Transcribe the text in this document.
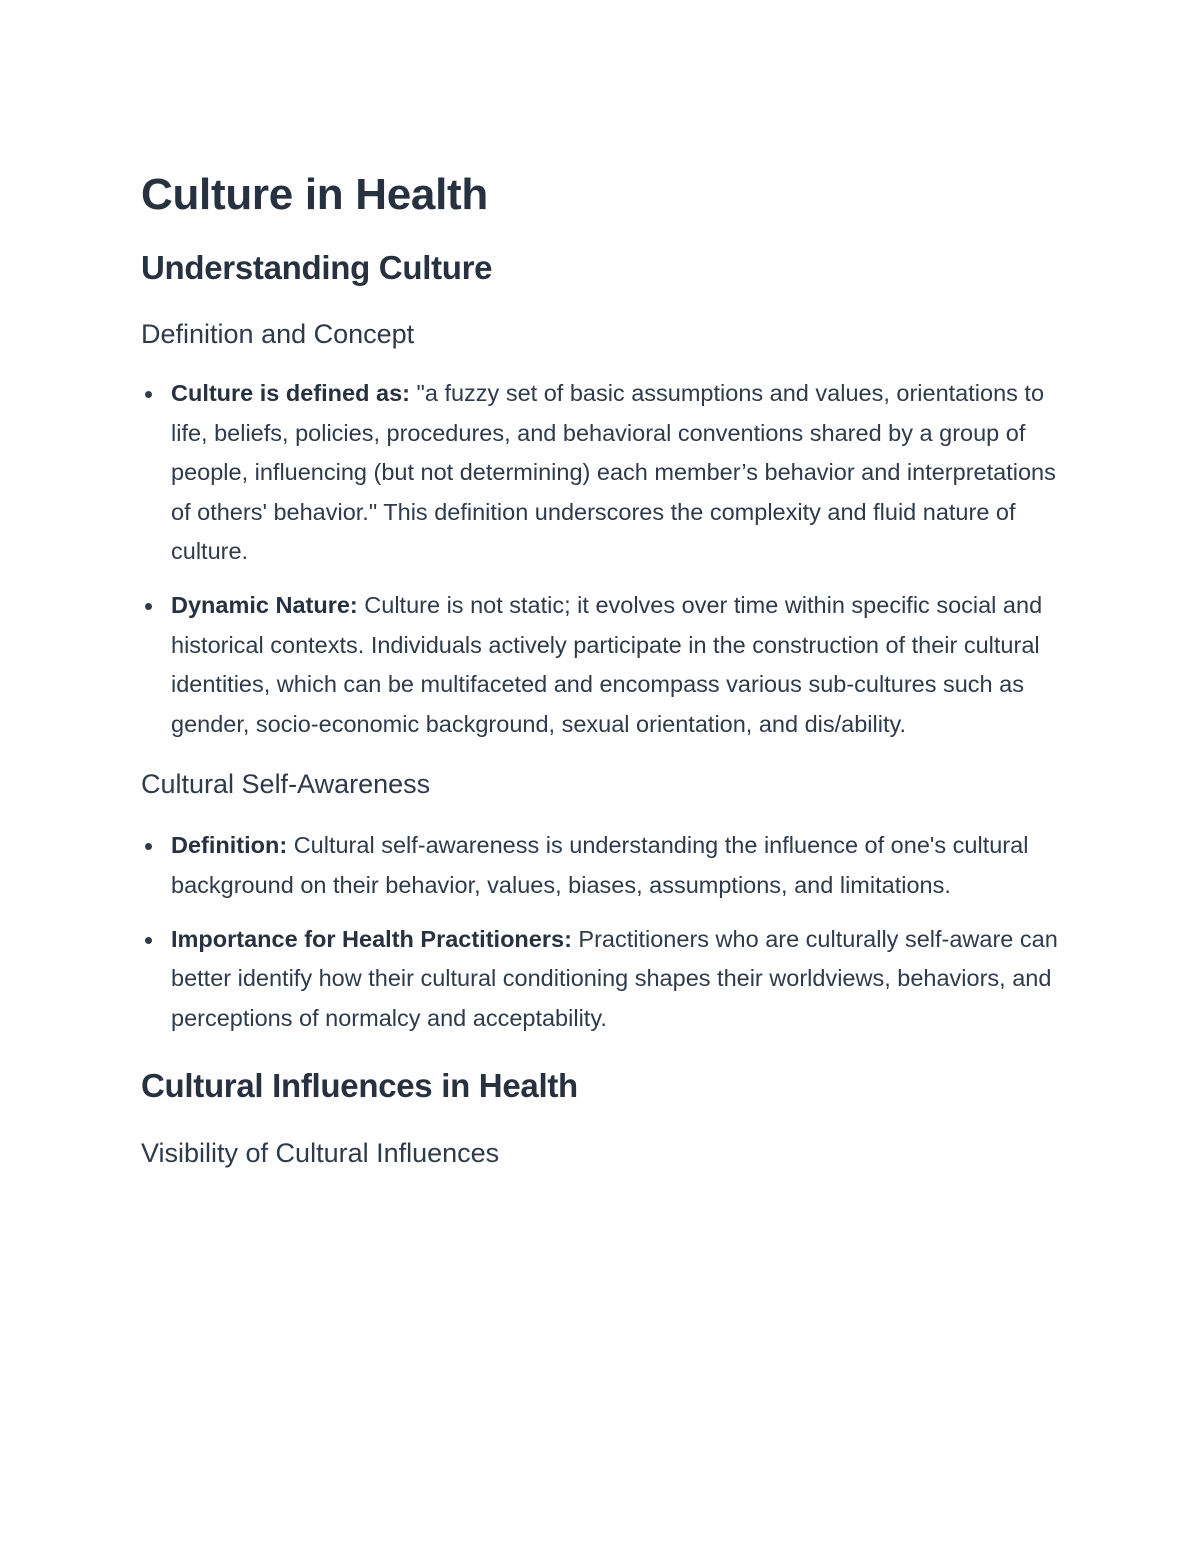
Culture in Health
Understanding Culture
Definition and Concept
Culture is defined as: "a fuzzy set of basic assumptions and values, orientations to life, beliefs, policies, procedures, and behavioral conventions shared by a group of people, influencing (but not determining) each member’s behavior and interpretations of others' behavior." This definition underscores the complexity and fluid nature of culture.
Dynamic Nature: Culture is not static; it evolves over time within specific social and historical contexts. Individuals actively participate in the construction of their cultural identities, which can be multifaceted and encompass various sub-cultures such as gender, socio-economic background, sexual orientation, and dis/ability.
Cultural Self-Awareness
Definition: Cultural self-awareness is understanding the influence of one's cultural background on their behavior, values, biases, assumptions, and limitations.
Importance for Health Practitioners: Practitioners who are culturally self-aware can better identify how their cultural conditioning shapes their worldviews, behaviors, and perceptions of normalcy and acceptability.
Cultural Influences in Health
Visibility of Cultural Influences
